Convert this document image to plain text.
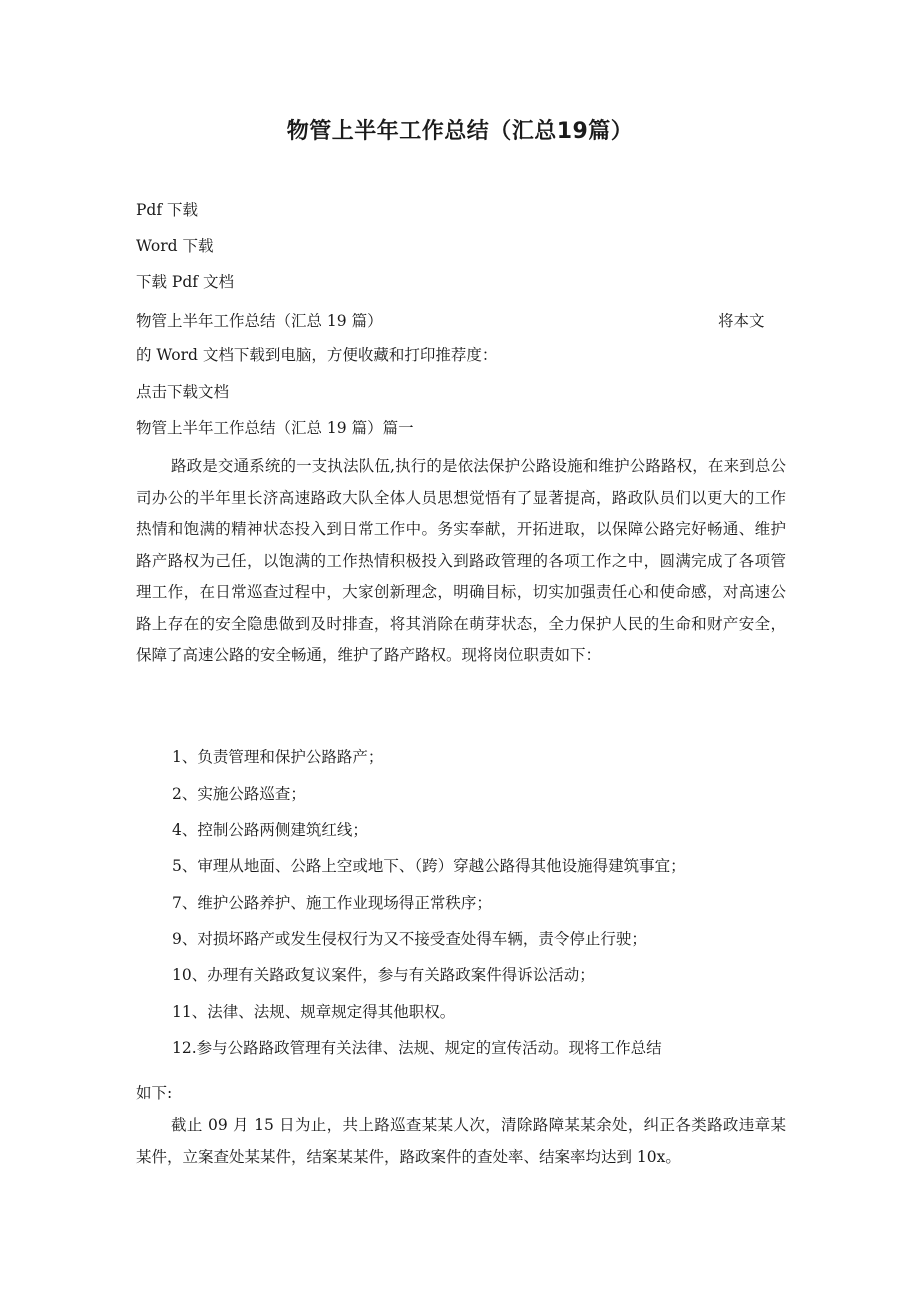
物管上半年工作总结（汇总19篇）
Pdf 下载
Word 下载
下载 Pdf 文档
物管上半年工作总结（汇总 19 篇）	将本文
的 Word 文档下载到电脑，方便收藏和打印推荐度：
点击下载文档
物管上半年工作总结（汇总 19 篇）篇一
路政是交通系统的一支执法队伍,执行的是依法保护公路设施和维护公路路权，在来到总公司办公的半年里长济高速路政大队全体人员思想觉悟有了显著提高，路政队员们以更大的工作热情和饱满的精神状态投入到日常工作中。务实奉献，开拓进取，以保障公路完好畅通、维护路产路权为己任，以饱满的工作热情积极投入到路政管理的各项工作之中，圆满完成了各项管理工作，在日常巡查过程中，大家创新理念，明确目标，切实加强责任心和使命感，对高速公路上存在的安全隐患做到及时排查，将其消除在萌芽状态，全力保护人民的生命和财产安全，保障了高速公路的安全畅通，维护了路产路权。现将岗位职责如下：
1、负责管理和保护公路路产；
2、实施公路巡查；
4、控制公路两侧建筑红线；
5、审理从地面、公路上空或地下、（跨）穿越公路得其他设施得建筑事宜；
7、维护公路养护、施工作业现场得正常秩序；
9、对损坏路产或发生侵权行为又不接受查处得车辆，责令停止行驶；
10、办理有关路政复议案件，参与有关路政案件得诉讼活动；
11、法律、法规、规章规定得其他职权。
12.参与公路路政管理有关法律、法规、规定的宣传活动。现将工作总结
如下:
截止 09 月 15 日为止，共上路巡查某某人次，清除路障某某余处，纠正各类路政违章某某件，立案查处某某件，结案某某件，路政案件的查处率、结案率均达到 10x。
